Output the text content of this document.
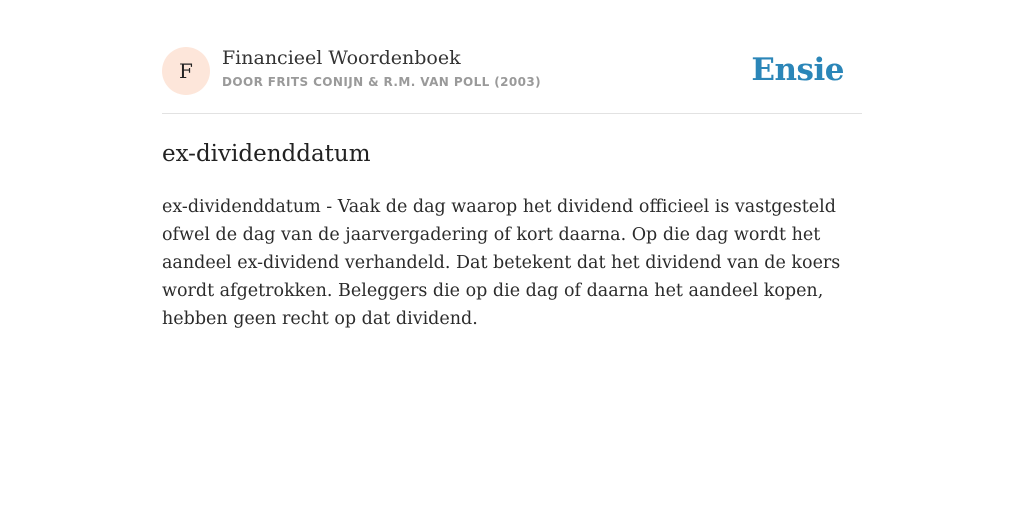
F
Financieel Woordenboek
DOOR FRITS CONIJN & R.M. VAN POLL (2003)	Ensie
ex-dividenddatum

ex-dividenddatum - Vaak de dag waarop het dividend officieel is vastgesteld ofwel de dag van de jaarvergadering of kort daarna. Op die dag wordt het aandeel ex-dividend verhandeld. Dat betekent dat het dividend van de koers wordt afgetrokken. Beleggers die op die dag of daarna het aandeel kopen, hebben geen recht op dat dividend.
